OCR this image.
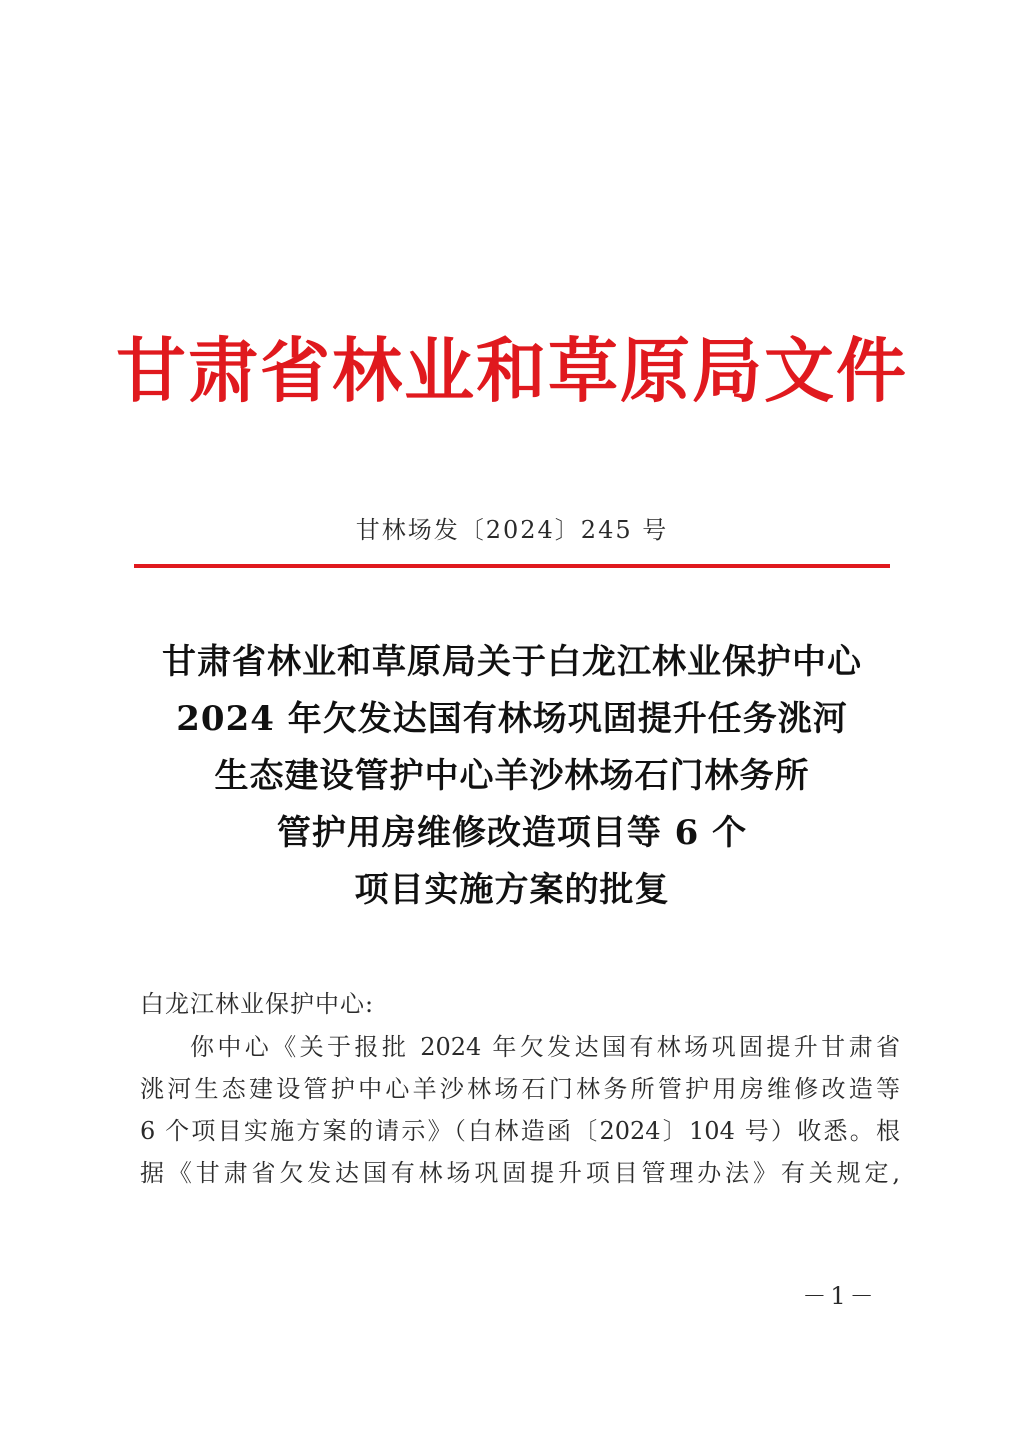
甘肃省林业和草原局文件
甘林场发〔2024〕245 号
甘肃省林业和草原局关于白龙江林业保护中心
2024 年欠发达国有林场巩固提升任务洮河
生态建设管护中心羊沙林场石门林务所
管护用房维修改造项目等 6 个
项目实施方案的批复
白龙江林业保护中心:
你中心《关于报批 2024 年欠发达国有林场巩固提升甘肃省
洮河生态建设管护中心羊沙林场石门林务所管护用房维修改造等
6 个项目实施方案的请示》（白林造函〔2024〕104 号）收悉。根
据《甘肃省欠发达国有林场巩固提升项目管理办法》有关规定,
－1－
